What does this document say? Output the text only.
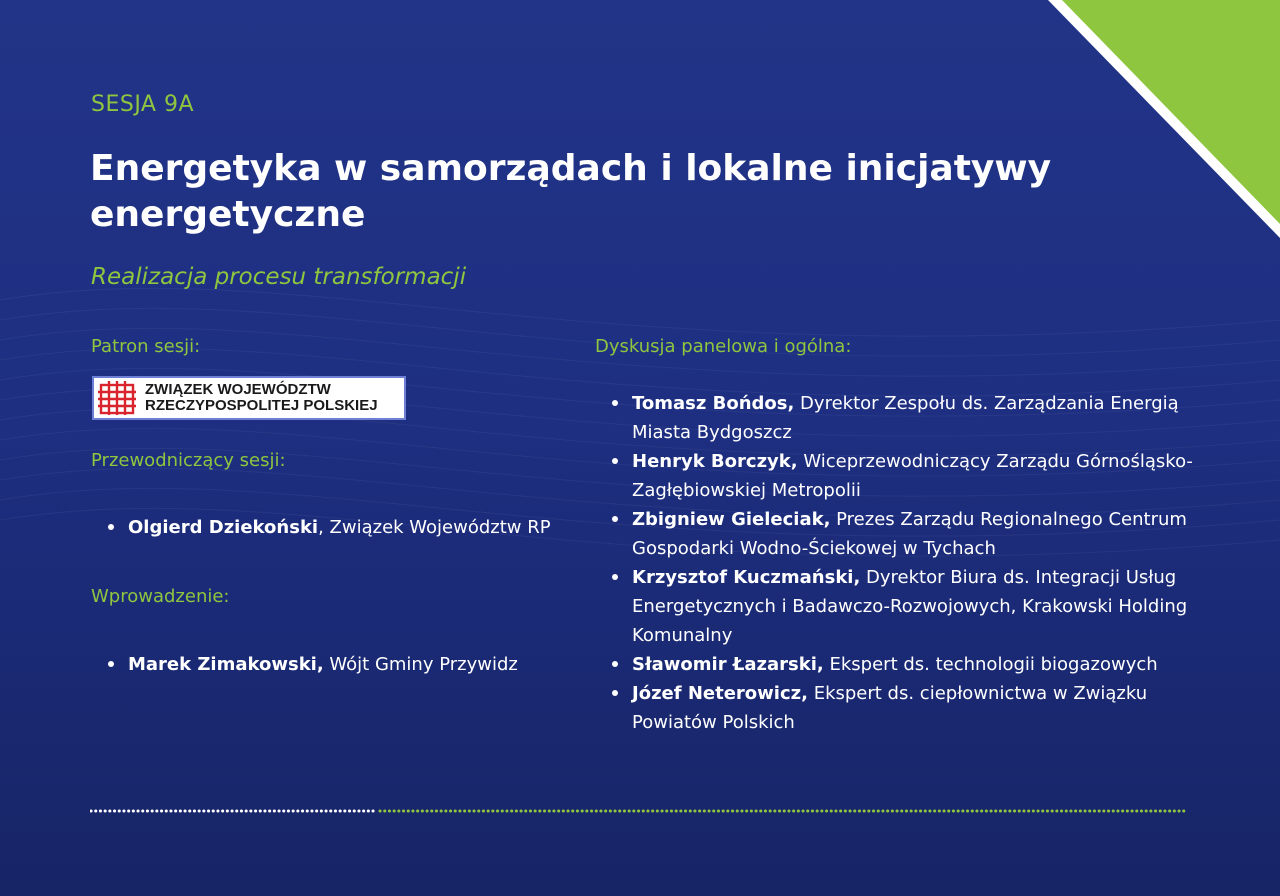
SESJA 9A
Energetyka w samorządach i lokalne inicjatywy energetyczne
Realizacja procesu transformacji
Patron sesji:
ZWIĄZEK WOJEWÓDZTW
RZECZYPOSPOLITEJ POLSKIEJ
Przewodniczący sesji:
Olgierd Dziekoński, Związek Województw RP
Wprowadzenie:
Marek Zimakowski, Wójt Gminy Przywidz
Dyskusja panelowa i ogólna:
Tomasz Bońdos, Dyrektor Zespołu ds. Zarządzania Energią Miasta Bydgoszcz
Henryk Borczyk, Wiceprzewodniczący Zarządu Górnośląsko-Zagłębiowskiej Metropolii
Zbigniew Gieleciak, Prezes Zarządu Regionalnego Centrum Gospodarki Wodno-Ściekowej w Tychach
Krzysztof Kuczmański, Dyrektor Biura ds. Integracji Usług Energetycznych i Badawczo-Rozwojowych, Krakowski Holding Komunalny
Sławomir Łazarski, Ekspert ds. technologii biogazowych
Józef Neterowicz, Ekspert ds. ciepłownictwa w Związku Powiatów Polskich
